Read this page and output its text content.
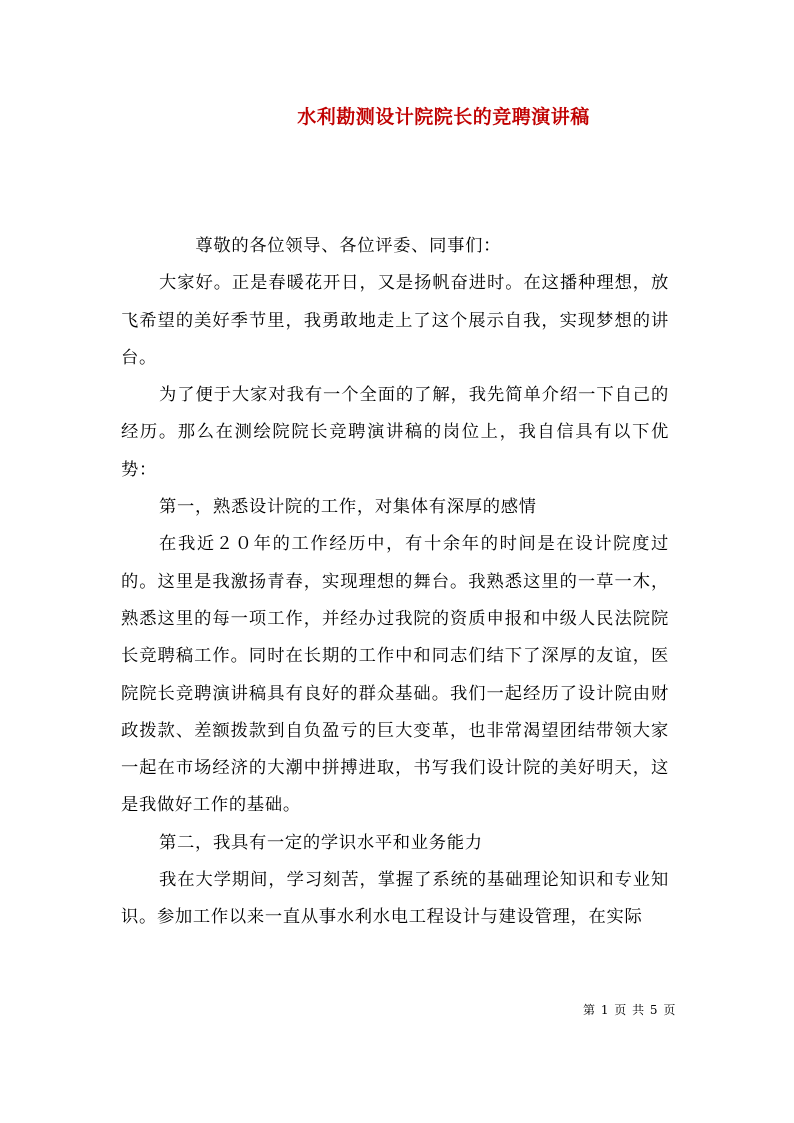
水利勘测设计院院长的竞聘演讲稿

尊敬的各位领导、各位评委、同事们：

大家好。正是春暖花开日，又是扬帆奋进时。在这播种理想，放飞希望的美好季节里，我勇敢地走上了这个展示自我，实现梦想的讲台。

为了便于大家对我有一个全面的了解，我先简单介绍一下自己的经历。那么在测绘院院长竞聘演讲稿的岗位上，我自信具有以下优势：

第一，熟悉设计院的工作，对集体有深厚的感情

在我近２０年的工作经历中，有十余年的时间是在设计院度过的。这里是我激扬青春，实现理想的舞台。我熟悉这里的一草一木，熟悉这里的每一项工作，并经办过我院的资质申报和中级人民法院院长竞聘稿工作。同时在长期的工作中和同志们结下了深厚的友谊，医院院长竞聘演讲稿具有良好的群众基础。我们一起经历了设计院由财政拨款、差额拨款到自负盈亏的巨大变革，也非常渴望团结带领大家一起在市场经济的大潮中拼搏进取，书写我们设计院的美好明天，这是我做好工作的基础。

第二，我具有一定的学识水平和业务能力

我在大学期间，学习刻苦，掌握了系统的基础理论知识和专业知识。参加工作以来一直从事水利水电工程设计与建设管理，在实际

第 1 页 共 5 页
